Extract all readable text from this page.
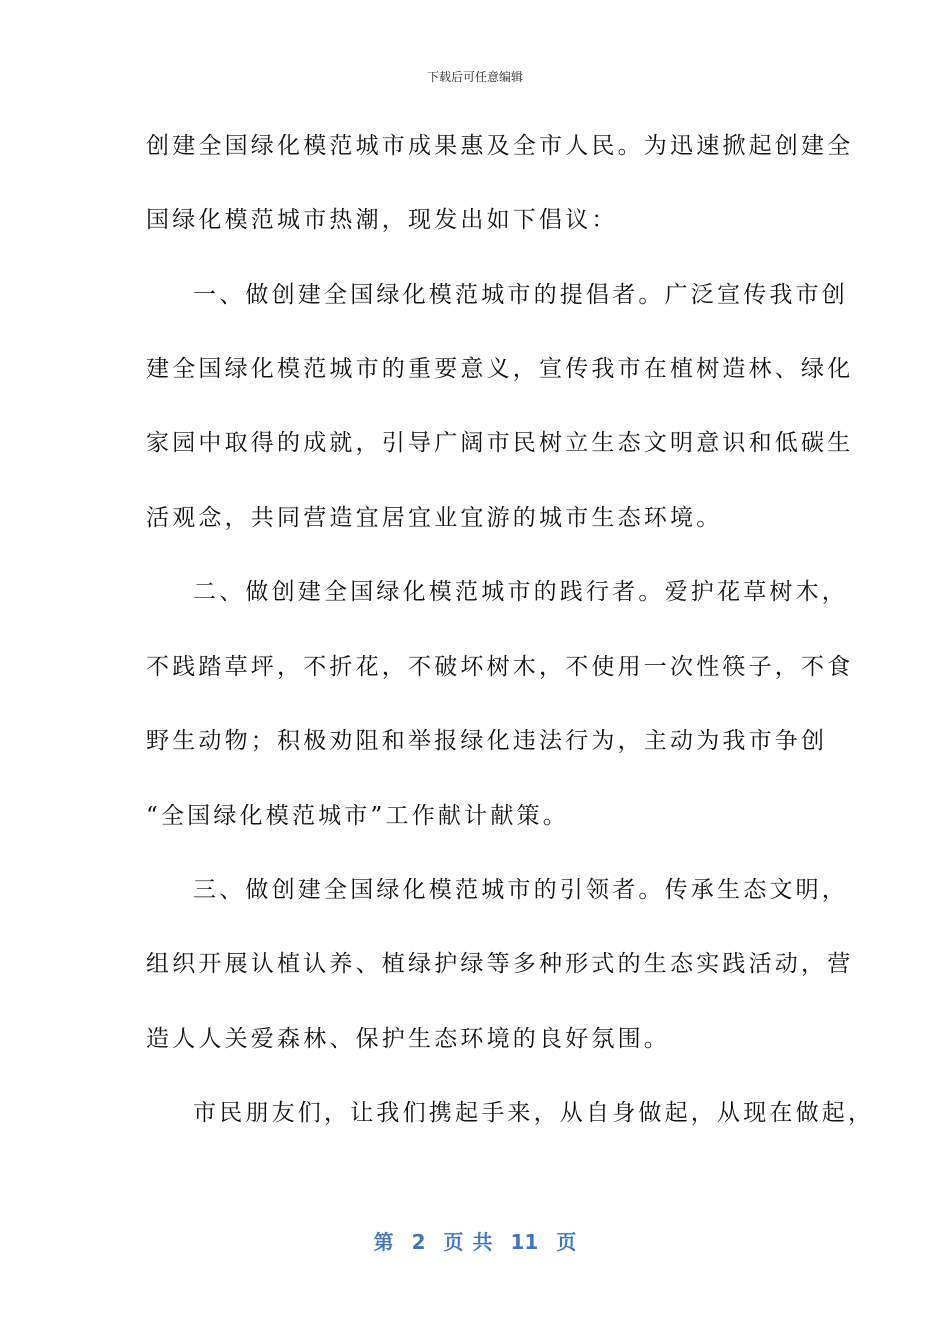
下载后可任意编辑
创建全国绿化模范城市成果惠及全市人民。为迅速掀起创建全
国绿化模范城市热潮，现发出如下倡议：
一、做创建全国绿化模范城市的提倡者。广泛宣传我市创
建全国绿化模范城市的重要意义，宣传我市在植树造林、绿化
家园中取得的成就，引导广阔市民树立生态文明意识和低碳生
活观念，共同营造宜居宜业宜游的城市生态环境。
二、做创建全国绿化模范城市的践行者。爱护花草树木，
不践踏草坪，不折花，不破坏树木，不使用一次性筷子，不食
野生动物；积极劝阻和举报绿化违法行为，主动为我市争创
“全国绿化模范城市”工作献计献策。
三、做创建全国绿化模范城市的引领者。传承生态文明，
组织开展认植认养、植绿护绿等多种形式的生态实践活动，营
造人人关爱森林、保护生态环境的良好氛围。
市民朋友们，让我们携起手来，从自身做起，从现在做起，
第 2 页 共 11 页
